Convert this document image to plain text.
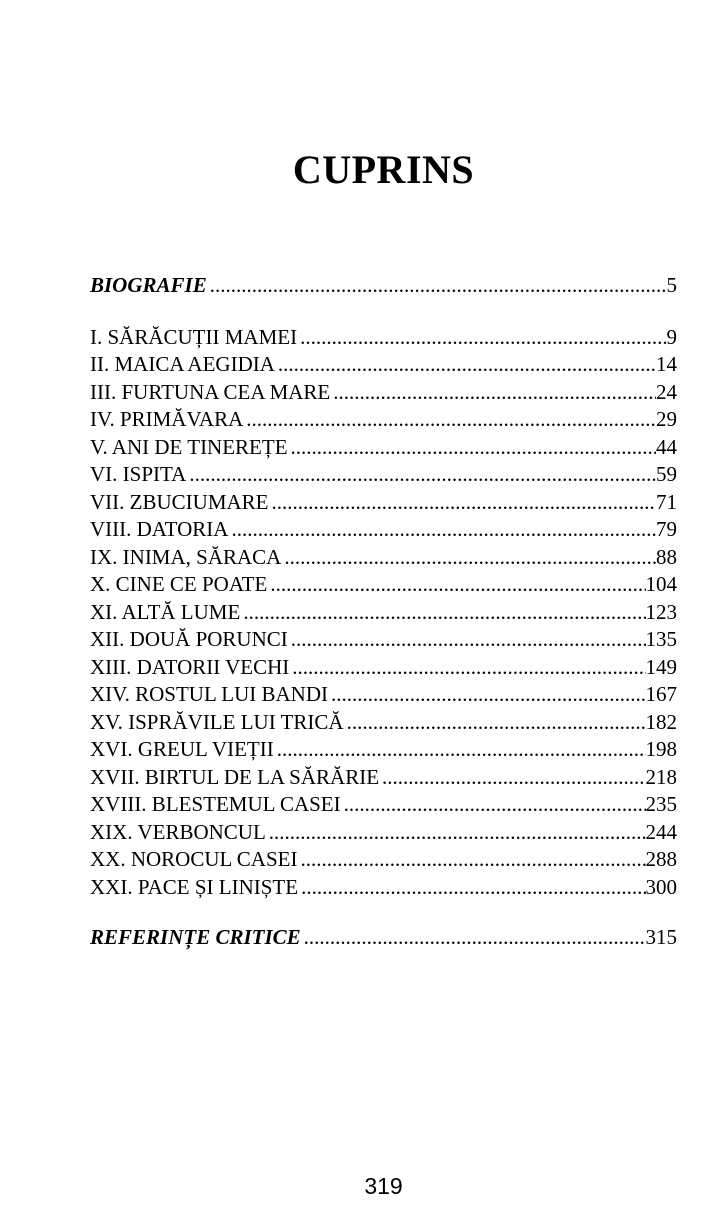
CUPRINS
BIOGRAFIE .....	5
I. SĂRĂCUȚII MAMEI .....	9
II. MAICA AEGIDIA .....	14
III. FURTUNA CEA MARE .....	24
IV. PRIMĂVARA .....	29
V. ANI DE TINEREȚE .....	44
VI. ISPITA .....	59
VII. ZBUCIUMARE .....	71
VIII. DATORIA .....	79
IX. INIMA, SĂRACA .....	88
X. CINE CE POATE .....	104
XI. ALTĂ LUME .....	123
XII. DOUĂ PORUNCI .....	135
XIII. DATORII VECHI .....	149
XIV. ROSTUL LUI BANDI .....	167
XV. ISPRĂVILE LUI TRICĂ .....	182
XVI. GREUL VIEȚII .....	198
XVII. BIRTUL DE LA SĂRĂRIE .....	218
XVIII. BLESTEMUL CASEI .....	235
XIX. VERBONCUL .....	244
XX. NOROCUL CASEI .....	288
XXI. PACE ȘI LINIȘTE .....	300
REFERINȚE CRITICE .....	315
319
